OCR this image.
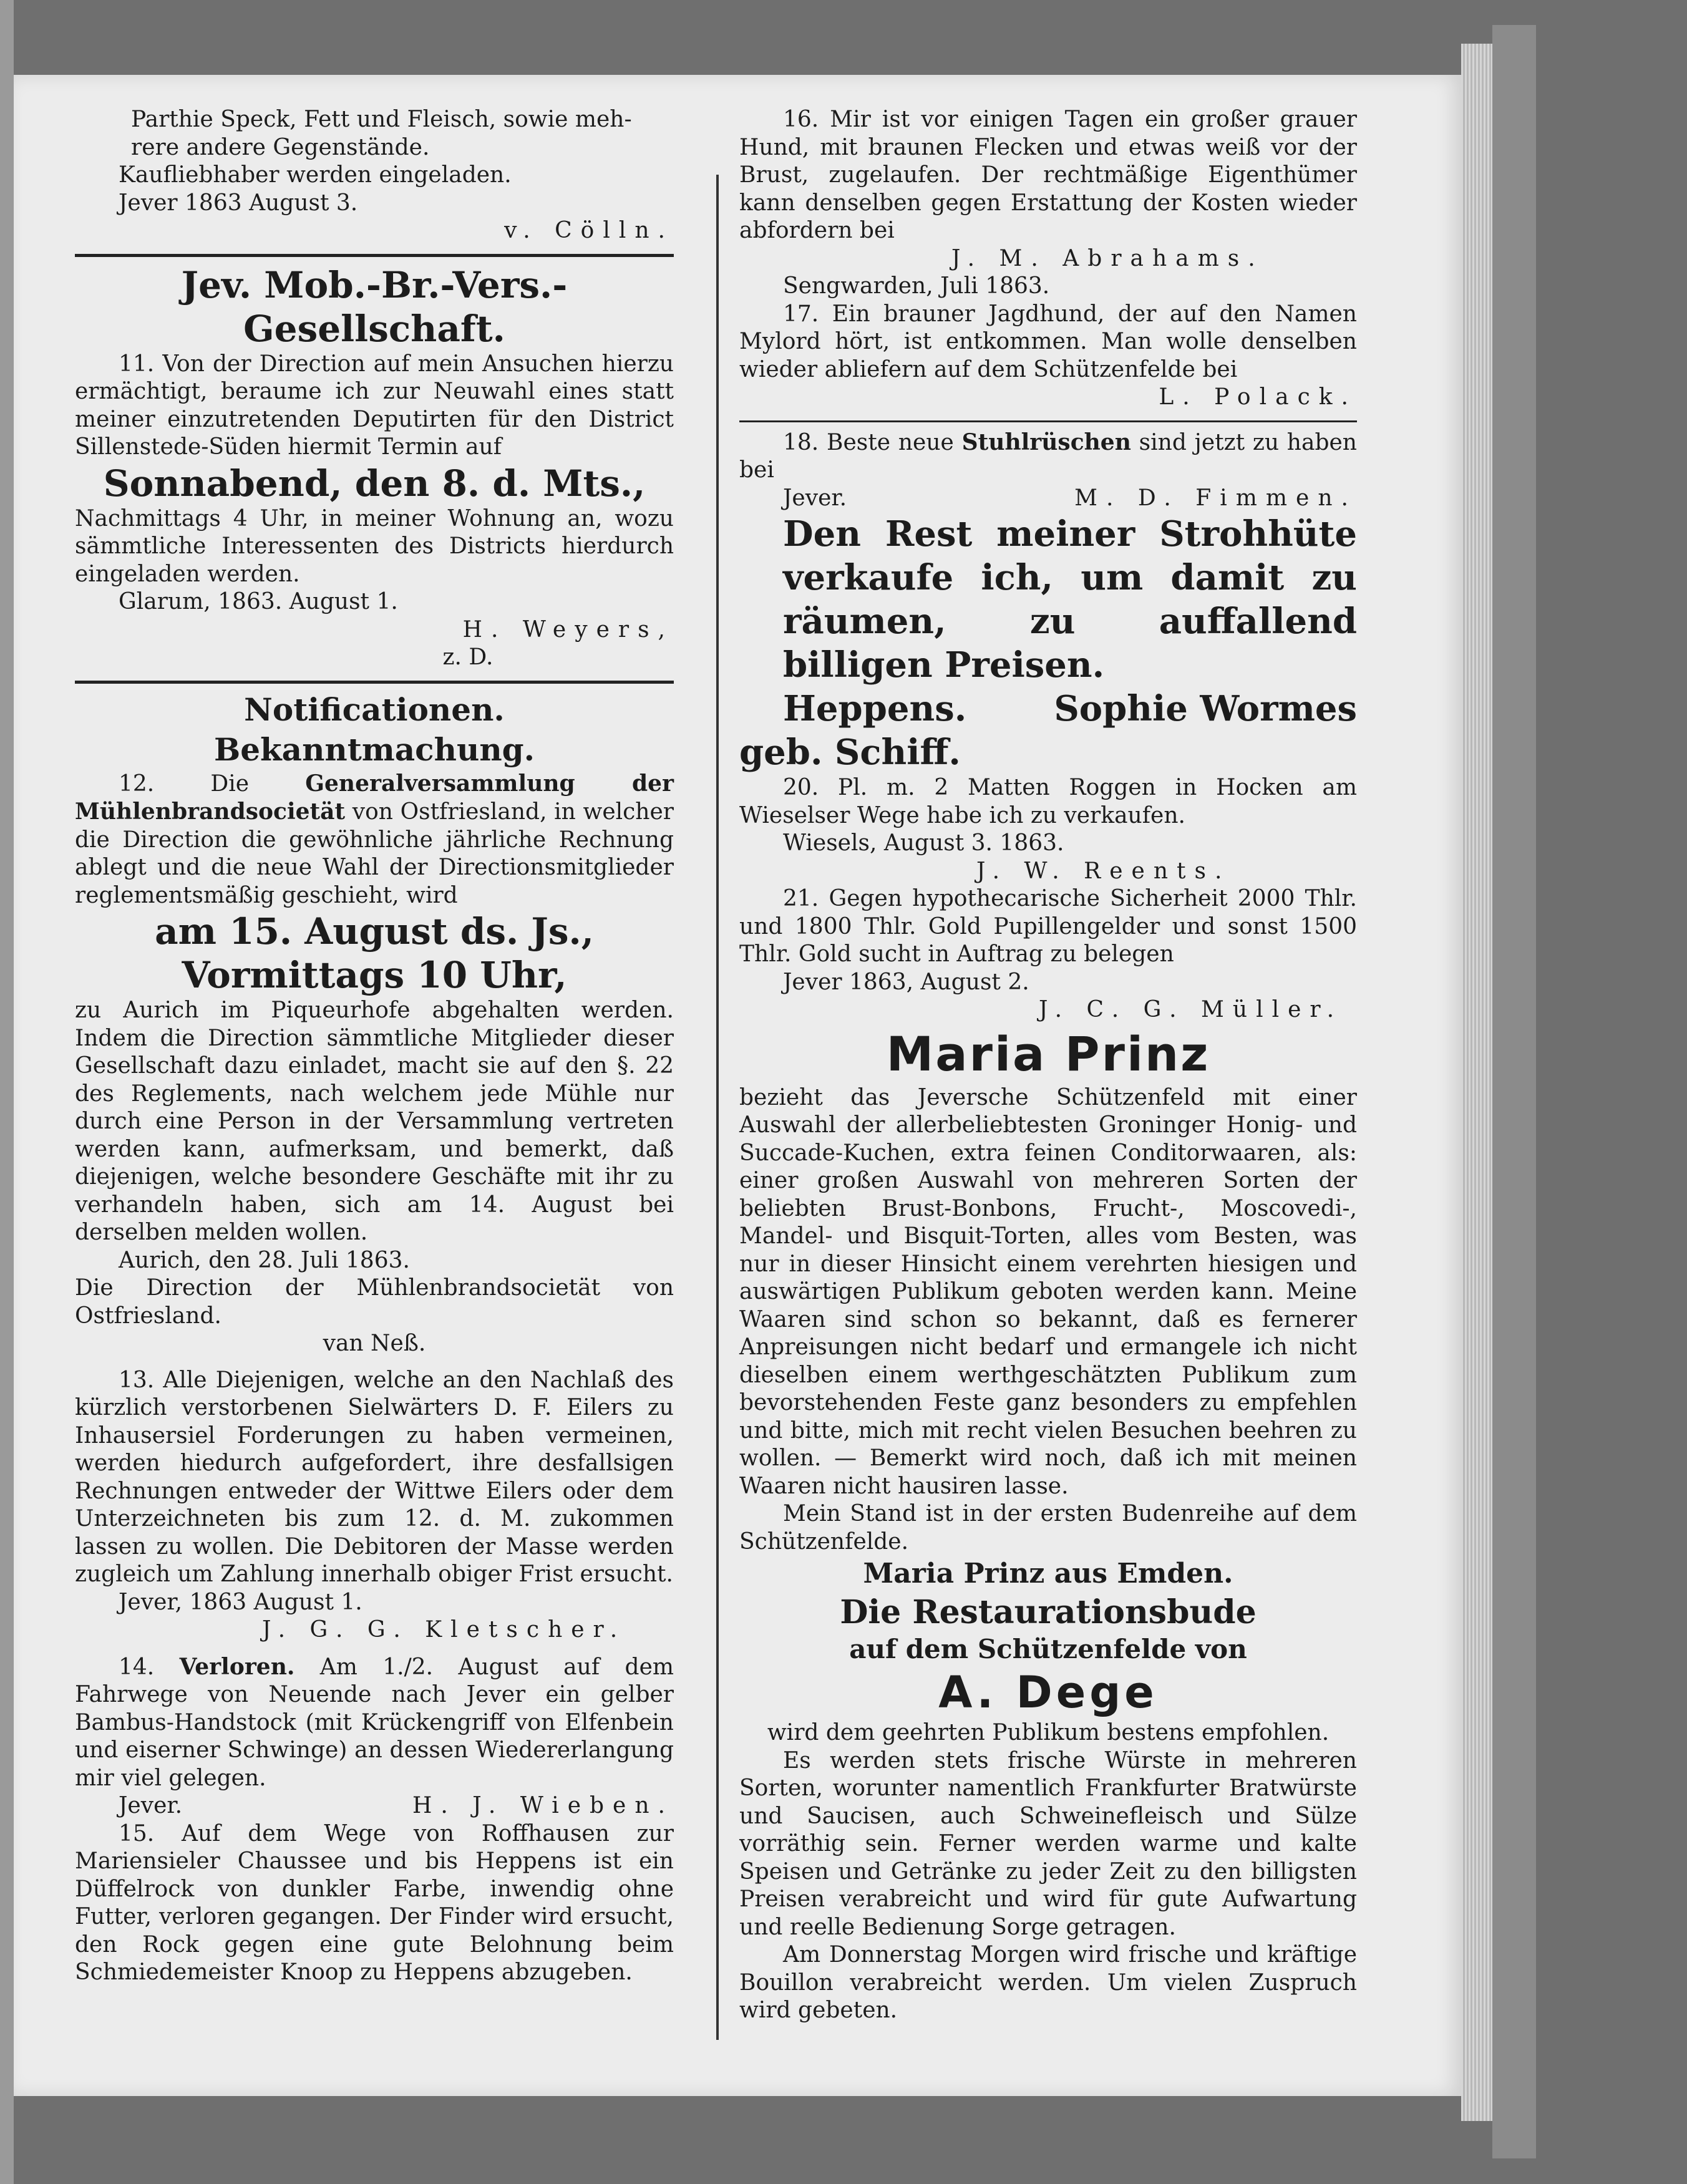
Parthie Speck, Fett und Fleisch, sowie meh-

rere andere Gegenstände.

Kaufliebhaber werden eingeladen.

Jever 1863 August 3.

v. Cölln.

Jev. Mob.-Br.-Vers.-Gesellschaft.

11. Von der Direction auf mein Ansuchen hierzu ermächtigt, beraume ich zur Neuwahl eines statt meiner einzutretenden Deputirten für den District Sillenstede-Süden hiermit Termin auf

Sonnabend, den 8. d. Mts.,

Nachmittags 4 Uhr, in meiner Wohnung an, wozu sämmtliche Interessenten des Districts hierdurch eingeladen werden.

Glarum, 1863. August 1.

H. Weyers,

z. D.

Notificationen.

Bekanntmachung.

12. Die	Generalversammlung der Mühlenbrandsocietät von Ostfriesland, in welcher die Direction die gewöhnliche jährliche Rechnung ablegt und die neue Wahl der Directionsmitglieder reglementsmäßig geschieht, wird

am 15. August ds. Js.,

Vormittags 10 Uhr,

zu Aurich im Piqueurhofe abgehalten werden. Indem die Direction sämmtliche Mitglieder dieser Gesellschaft dazu einladet, macht sie auf den §. 22 des Reglements, nach welchem jede Mühle nur durch eine Person in der Versammlung vertreten werden kann, aufmerksam, und bemerkt, daß diejenigen, welche besondere Geschäfte mit ihr zu verhandeln haben, sich am 14. August bei derselben melden wollen.

Aurich, den 28. Juli 1863.

Die Direction der Mühlenbrandsocietät von Ostfriesland.

van Neß.

13. Alle Diejenigen, welche an den Nachlaß des kürzlich verstorbenen Sielwärters D. F. Eilers zu Inhausersiel Forderungen zu haben vermeinen, werden hiedurch aufgefordert, ihre desfallsigen Rechnungen entweder der Wittwe Eilers oder dem Unterzeichneten bis zum 12. d. M. zukommen lassen zu wollen. Die Debitoren der Masse werden zugleich um Zahlung innerhalb obiger Frist ersucht.

Jever, 1863 August 1.

J. G. G. Kletscher.

14. Verloren. Am 1./2. August auf dem Fahrwege von Neuende nach Jever ein gelber Bambus-Handstock (mit Krückengriff von Elfenbein und eiserner Schwinge) an dessen Wiedererlangung mir viel gelegen.

Jever.	H. J. Wieben.

15. Auf dem Wege von Roffhausen zur Mariensieler Chaussee und bis Heppens ist ein Düffelrock von dunkler Farbe, inwendig ohne Futter, verloren gegangen. Der Finder wird ersucht, den Rock gegen eine gute Belohnung beim Schmiedemeister Knoop zu Heppens abzugeben.

16. Mir ist vor einigen Tagen ein großer grauer Hund, mit braunen Flecken und etwas weiß vor der Brust, zugelaufen. Der rechtmäßige Eigenthümer kann denselben gegen Erstattung der Kosten wieder abfordern bei

J. M. Abrahams.

Sengwarden, Juli 1863.

17. Ein brauner Jagdhund, der auf den Namen Mylord hört, ist entkommen. Man wolle denselben wieder abliefern auf dem Schützenfelde bei

L. Polack.

18. Beste neue Stuhlrüschen sind jetzt zu haben bei

Jever.	M. D. Fimmen.

Den Rest meiner Strohhüte verkaufe ich, um damit zu räumen, zu auffallend billigen Preisen.

Heppens.	Sophie Wormes

geb. Schiff.

20. Pl. m. 2 Matten Roggen in Hocken am Wieselser Wege habe ich zu verkaufen.

Wiesels, August 3. 1863.

J. W. Reents.

21. Gegen hypothecarische Sicherheit 2000 Thlr. und 1800 Thlr. Gold Pupillengelder und sonst 1500 Thlr. Gold sucht in Auftrag zu belegen

Jever 1863, August 2.

J. C. G. Müller.

Maria Prinz

bezieht das Jeversche Schützenfeld mit einer Auswahl der allerbeliebtesten Groninger Honig- und Succade-Kuchen, extra feinen Conditorwaaren, als: einer großen Auswahl von mehreren Sorten der beliebten Brust-Bonbons, Frucht-, Moscovedi-, Mandel- und Bisquit-Torten, alles vom Besten, was nur in dieser Hinsicht einem verehrten hiesigen und auswärtigen Publikum geboten werden kann. Meine Waaren sind schon so bekannt, daß es fernerer Anpreisungen nicht bedarf und ermangele ich nicht dieselben einem werthgeschätzten Publikum zum bevorstehenden Feste ganz besonders zu empfehlen und bitte, mich mit recht vielen Besuchen beehren zu wollen. — Bemerkt wird noch, daß ich mit meinen Waaren nicht hausiren lasse.

Mein Stand ist in der ersten Budenreihe auf dem Schützenfelde.

Maria Prinz aus Emden.

Die Restaurationsbude

auf dem Schützenfelde von

A. Dege

wird dem geehrten Publikum bestens empfohlen.

Es werden stets frische Würste in mehreren Sorten, worunter namentlich Frankfurter Bratwürste und Saucisen, auch Schweinefleisch und Sülze vorräthig sein. Ferner werden warme und kalte Speisen und Getränke zu jeder Zeit zu den billigsten Preisen verabreicht und wird für gute Aufwartung und reelle Bedienung Sorge getragen.

Am Donnerstag Morgen wird frische und kräftige Bouillon verabreicht werden. Um vielen Zuspruch wird gebeten.
